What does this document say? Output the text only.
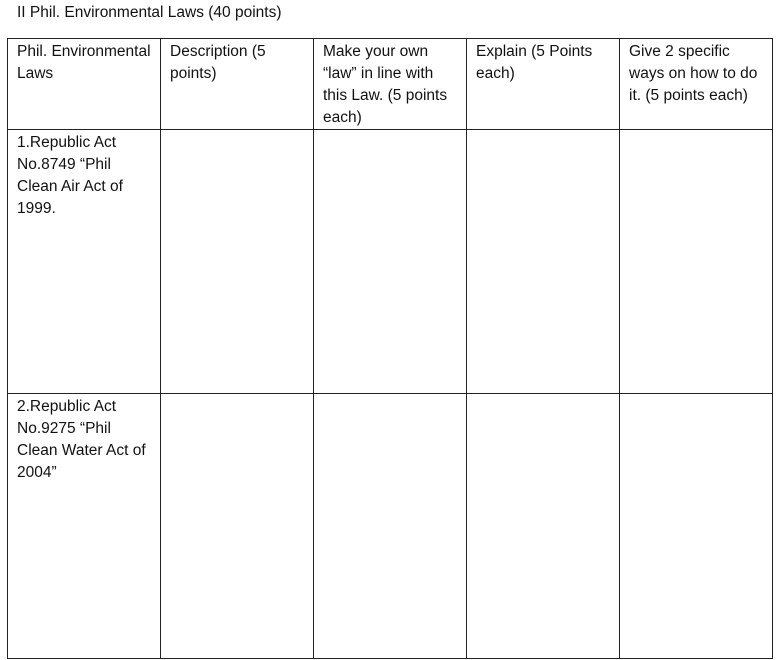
II Phil. Environmental Laws (40 points)
Phil. Environmental Laws	Description (5 points)	Make your own “law” in line with this Law. (5 points each)	Explain (5 Points each)	Give 2 specific ways on how to do it. (5 points each)

1.Republic Act No.8749 “Phil Clean Air Act of 1999.				

2.Republic Act No.9275 “Phil Clean Water Act of 2004”				
